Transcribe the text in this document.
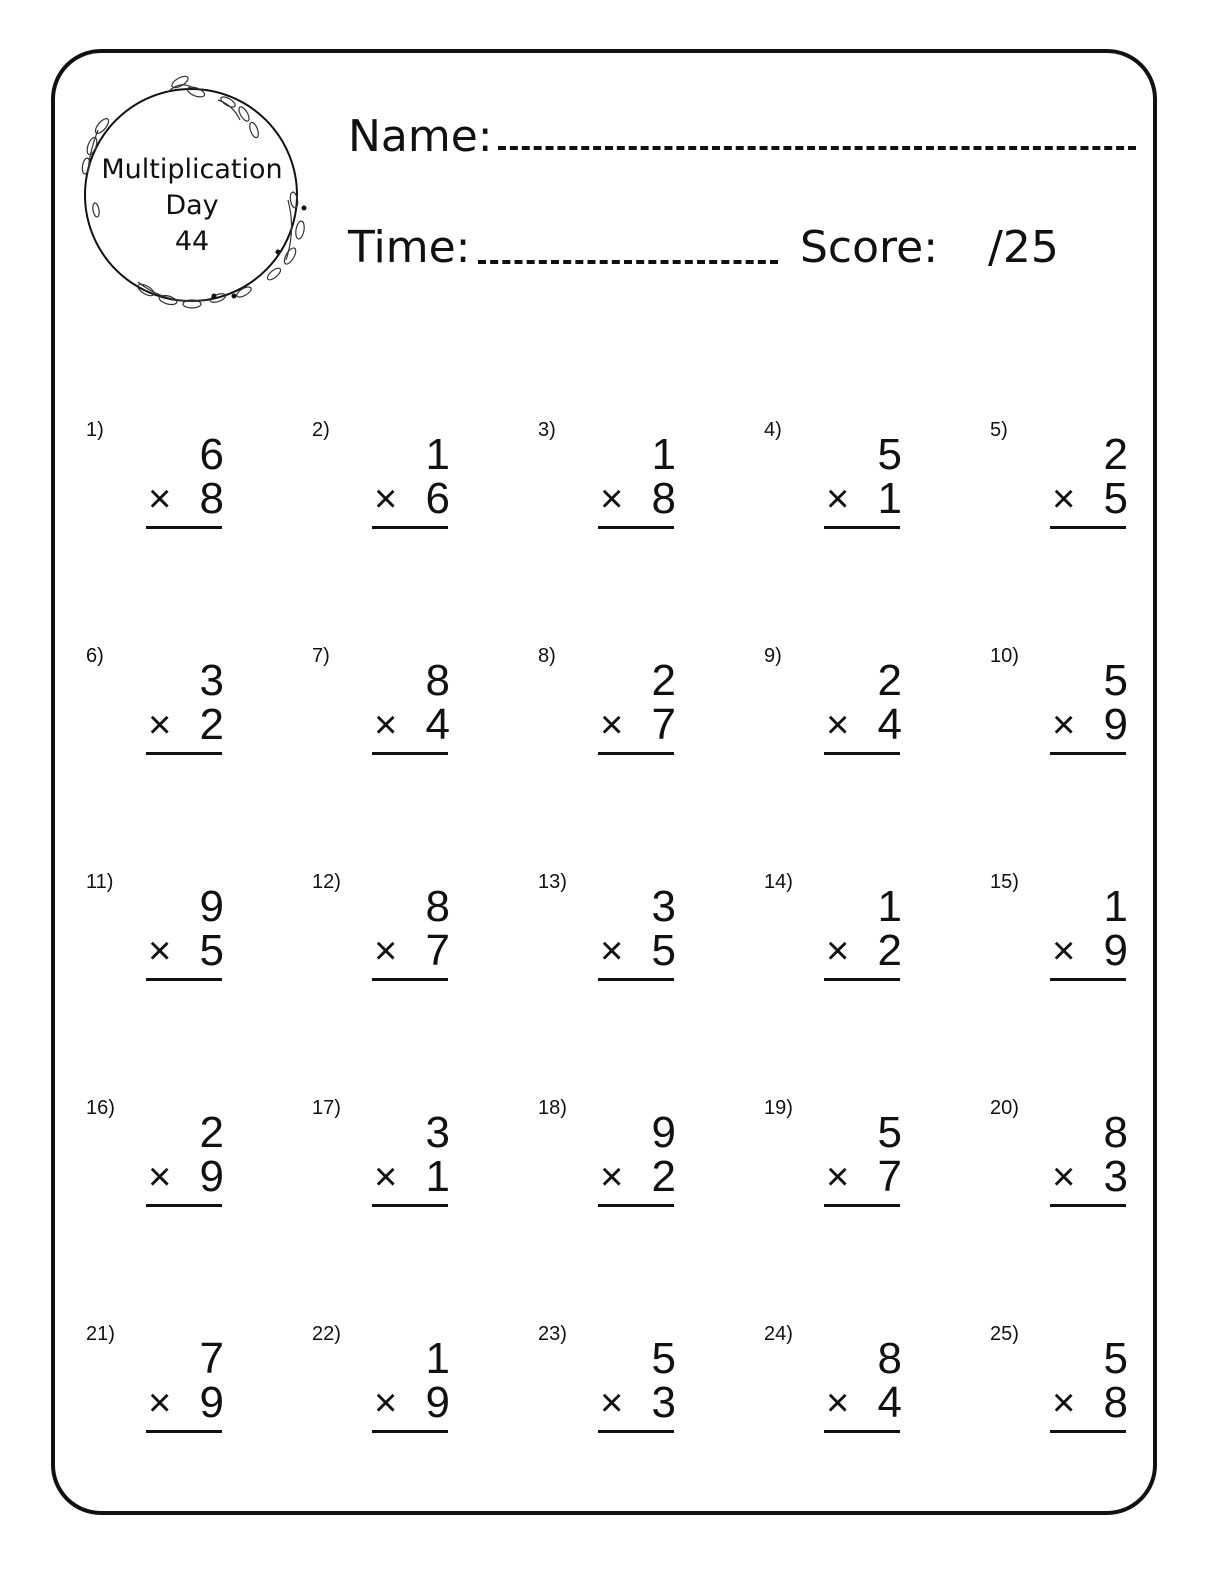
Multiplication
Day
44
Name:
Time:	Score: /25
1)	6
× 8
2)	1
× 6
3)	1
× 8
4)	5
× 1
5)	2
× 5
6)	3
× 2
7)	8
× 4
8)	2
× 7
9)	2
× 4
10)	5
× 9
11)	9
× 5
12)	8
× 7
13)	3
× 5
14)	1
× 2
15)	1
× 9
16)	2
× 9
17)	3
× 1
18)	9
× 2
19)	5
× 7
20)	8
× 3
21)	7
× 9
22)	1
× 9
23)	5
× 3
24)	8
× 4
25)	5
× 8
